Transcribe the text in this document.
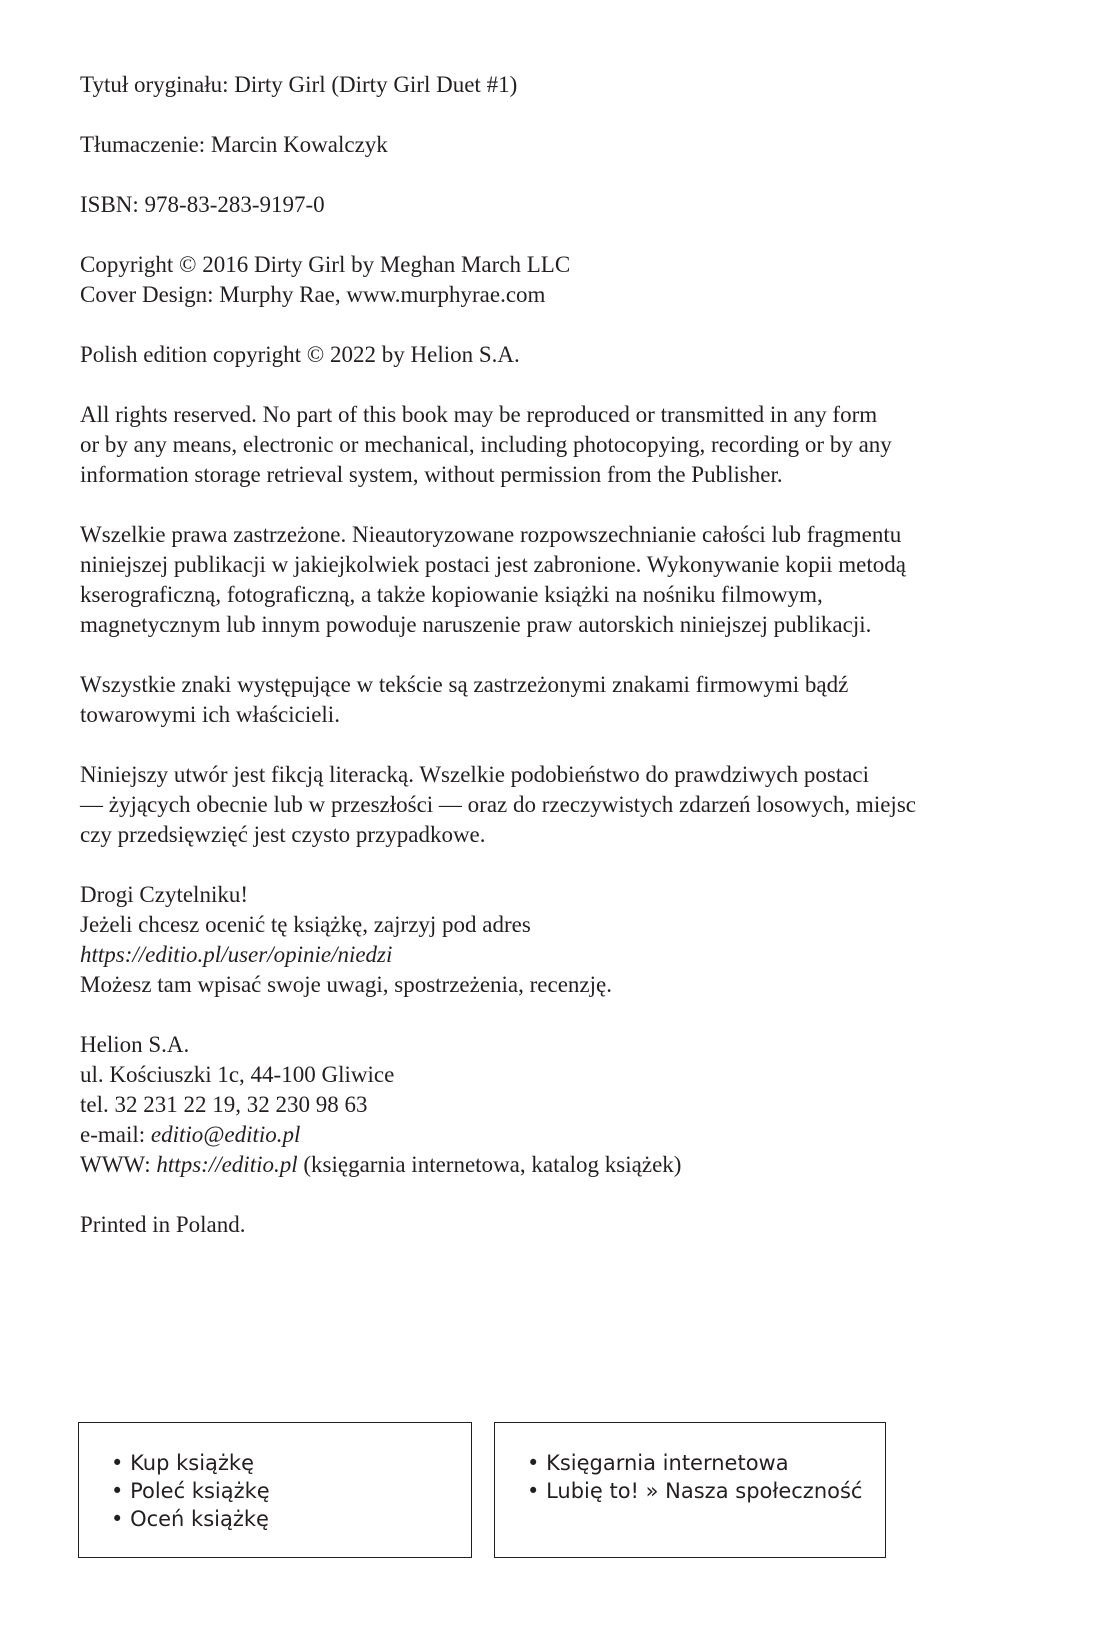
Tytuł oryginału: Dirty Girl (Dirty Girl Duet #1)
Tłumaczenie: Marcin Kowalczyk
ISBN: 978-83-283-9197-0
Copyright © 2016 Dirty Girl by Meghan March LLC
Cover Design: Murphy Rae, www.murphyrae.com
Polish edition copyright © 2022 by Helion S.A.
All rights reserved. No part of this book may be reproduced or transmitted in any form
or by any means, electronic or mechanical, including photocopying, recording or by any
information storage retrieval system, without permission from the Publisher.
Wszelkie prawa zastrzeżone. Nieautoryzowane rozpowszechnianie całości lub fragmentu
niniejszej publikacji w jakiejkolwiek postaci jest zabronione. Wykonywanie kopii metodą
kserograficzną, fotograficzną, a także kopiowanie książki na nośniku filmowym,
magnetycznym lub innym powoduje naruszenie praw autorskich niniejszej publikacji.
Wszystkie znaki występujące w tekście są zastrzeżonymi znakami firmowymi bądź
towarowymi ich właścicieli.
Niniejszy utwór jest fikcją literacką. Wszelkie podobieństwo do prawdziwych postaci
— żyjących obecnie lub w przeszłości — oraz do rzeczywistych zdarzeń losowych, miejsc
czy przedsięwzięć jest czysto przypadkowe.
Drogi Czytelniku!
Jeżeli chcesz ocenić tę książkę, zajrzyj pod adres
https://editio.pl/user/opinie/niedzi
Możesz tam wpisać swoje uwagi, spostrzeżenia, recenzję.
Helion S.A.
ul. Kościuszki 1c, 44-100 Gliwice
tel. 32 231 22 19, 32 230 98 63
e-mail: editio@editio.pl
WWW: https://editio.pl (księgarnia internetowa, katalog książek)
Printed in Poland.
• Kup książkę
• Poleć książkę
• Oceń książkę
• Księgarnia internetowa
• Lubię to! » Nasza społeczność
